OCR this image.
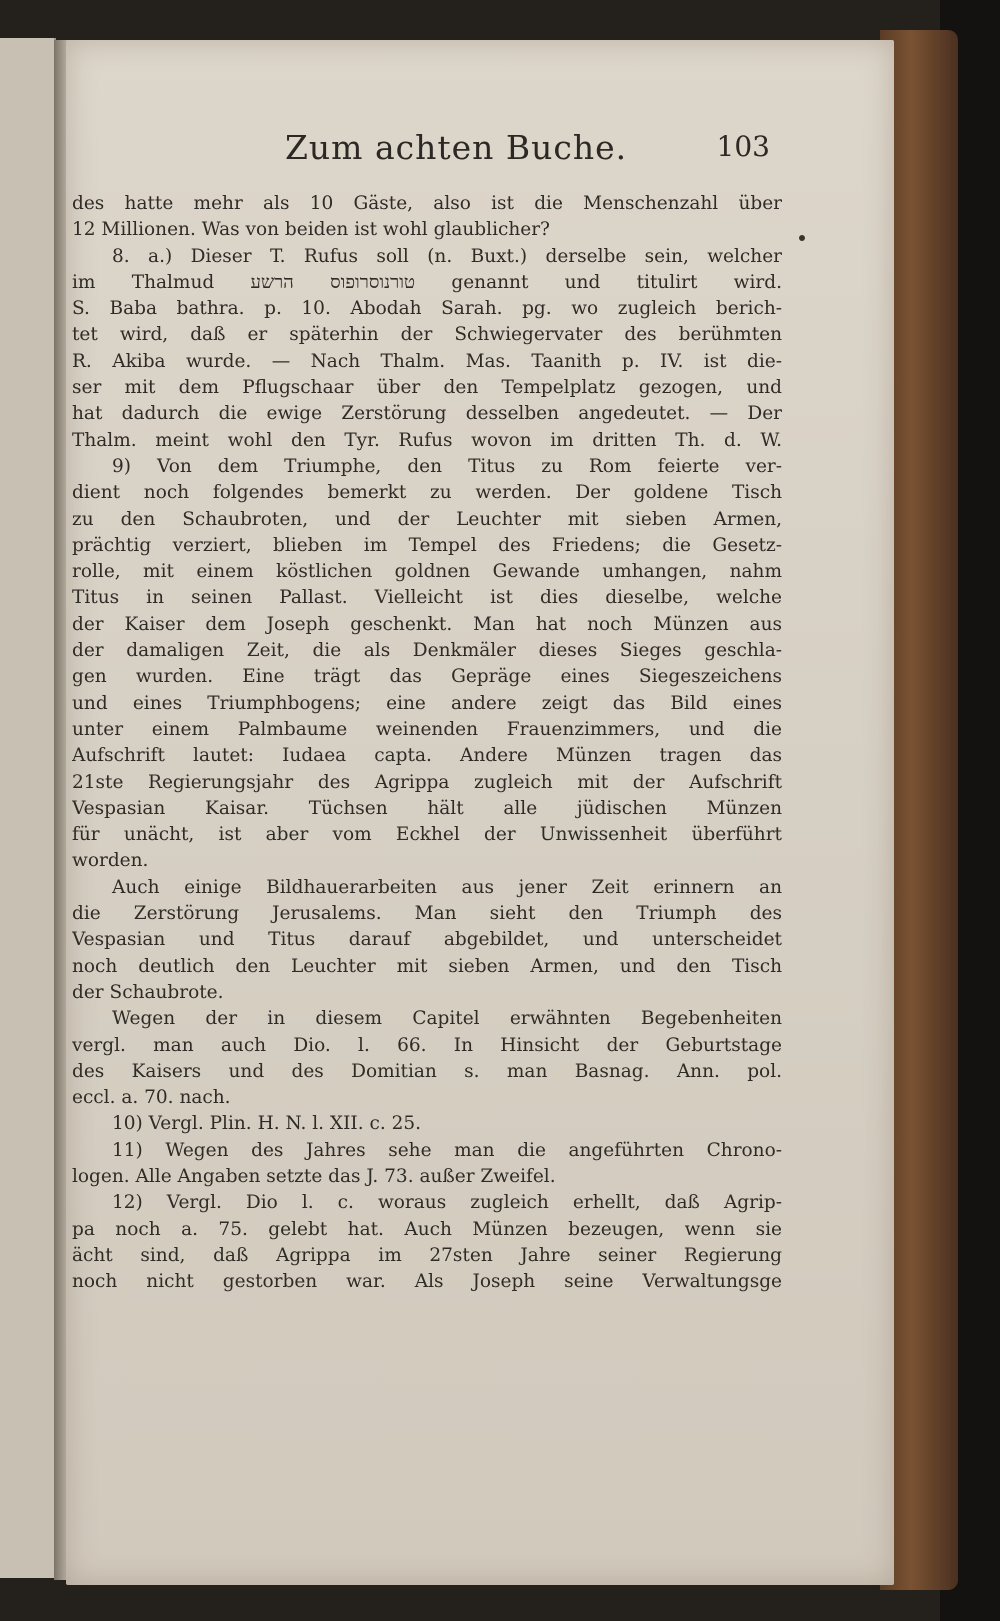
Zum achten Buche.	103
des hatte mehr als 10 Gäste, also ist die Menschenzahl über
12 Millionen. Was von beiden ist wohl glaublicher?
8. a.) Dieser T. Rufus soll (n. Buxt.) derselbe sein, welcher
im Thalmud טורנוסרופוס הרשע genannt und titulirt wird.
S. Baba bathra. p. 10. Abodah Sarah. pg. wo zugleich berich-
tet wird, daß er späterhin der Schwiegervater des berühmten
R. Akiba wurde. — Nach Thalm. Mas. Taanith p. IV. ist die-
ser mit dem Pflugschaar über den Tempelplatz gezogen, und
hat dadurch die ewige Zerstörung desselben angedeutet. — Der
Thalm. meint wohl den Tyr. Rufus wovon im dritten Th. d. W.
9) Von dem Triumphe, den Titus zu Rom feierte ver-
dient noch folgendes bemerkt zu werden. Der goldene Tisch
zu den Schaubroten, und der Leuchter mit sieben Armen,
prächtig verziert, blieben im Tempel des Friedens; die Gesetz-
rolle, mit einem köstlichen goldnen Gewande umhangen, nahm
Titus in seinen Pallast. Vielleicht ist dies dieselbe, welche
der Kaiser dem Joseph geschenkt. Man hat noch Münzen aus
der damaligen Zeit, die als Denkmäler dieses Sieges geschla-
gen wurden. Eine trägt das Gepräge eines Siegeszeichens
und eines Triumphbogens; eine andere zeigt das Bild eines
unter einem Palmbaume weinenden Frauenzimmers, und die
Aufschrift lautet: Iudaea capta. Andere Münzen tragen das
21ste Regierungsjahr des Agrippa zugleich mit der Aufschrift
Vespasian Kaisar. Tüchsen hält alle jüdischen Münzen
für unächt, ist aber vom Eckhel der Unwissenheit überführt
worden.
Auch einige Bildhauerarbeiten aus jener Zeit erinnern an
die Zerstörung Jerusalems. Man sieht den Triumph des
Vespasian und Titus darauf abgebildet, und unterscheidet
noch deutlich den Leuchter mit sieben Armen, und den Tisch
der Schaubrote.
Wegen der in diesem Capitel erwähnten Begebenheiten
vergl. man auch Dio. l. 66. In Hinsicht der Geburtstage
des Kaisers und des Domitian s. man Basnag. Ann. pol.
eccl. a. 70. nach.
10) Vergl. Plin. H. N. l. XII. c. 25.
11) Wegen des Jahres sehe man die angeführten Chrono-
logen. Alle Angaben setzte das J. 73. außer Zweifel.
12) Vergl. Dio l. c. woraus zugleich erhellt, daß Agrip-
pa noch a. 75. gelebt hat. Auch Münzen bezeugen, wenn sie
ächt sind, daß Agrippa im 27sten Jahre seiner Regierung
noch nicht gestorben war. Als Joseph seine Verwaltungsge
